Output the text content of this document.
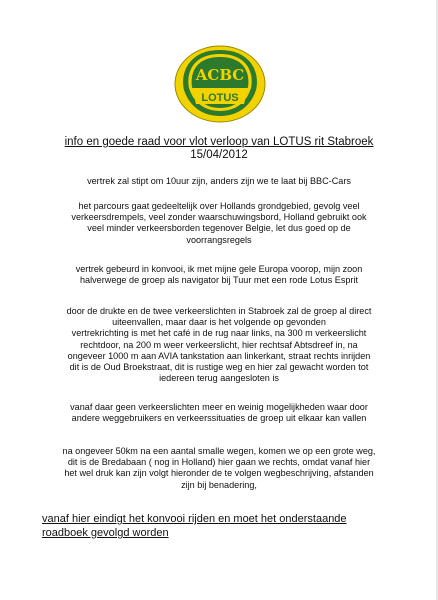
ACBC
LOTUS
info en goede raad voor vlot verloop van LOTUS rit Stabroek
15/04/2012
vertrek zal stipt om 10uur zijn, anders zijn we te laat bij BBC-Cars
het parcours gaat gedeeltelijk over Hollands grondgebied, gevolg veel
verkeersdrempels, veel zonder waarschuwingsbord, Holland gebruikt ook
veel minder verkeersborden tegenover Belgie, let dus goed op de
voorrangsregels
vertrek gebeurd in konvooi, ik met mijne gele Europa voorop, mijn zoon
halverwege de groep als navigator bij Tuur met een rode Lotus Esprit
door de drukte en de twee verkeerslichten in Stabroek zal de groep al direct
uiteenvallen, maar daar is het volgende op gevonden
vertrekrichting is met het café in de rug naar links, na 300 m verkeerslicht
rechtdoor, na 200 m weer verkeerslicht, hier rechtsaf Abtsdreef in, na
ongeveer 1000 m aan AVIA tankstation aan linkerkant, straat rechts inrijden
dit is de Oud Broekstraat, dit is rustige weg en hier zal gewacht worden tot
iedereen terug aangesloten is
vanaf daar geen verkeerslichten meer en weinig mogelijkheden waar door
andere weggebruikers en verkeerssituaties de groep uit elkaar kan vallen
na ongeveer 50km na een aantal smalle wegen, komen we op een grote weg,
dit is de Bredabaan ( nog in Holland) hier gaan we rechts, omdat vanaf hier
het wel druk kan zijn volgt hieronder de te volgen wegbeschrijving, afstanden
zijn bij benadering,
vanaf hier eindigt het konvooi rijden en moet het onderstaande
roadboek gevolgd worden
